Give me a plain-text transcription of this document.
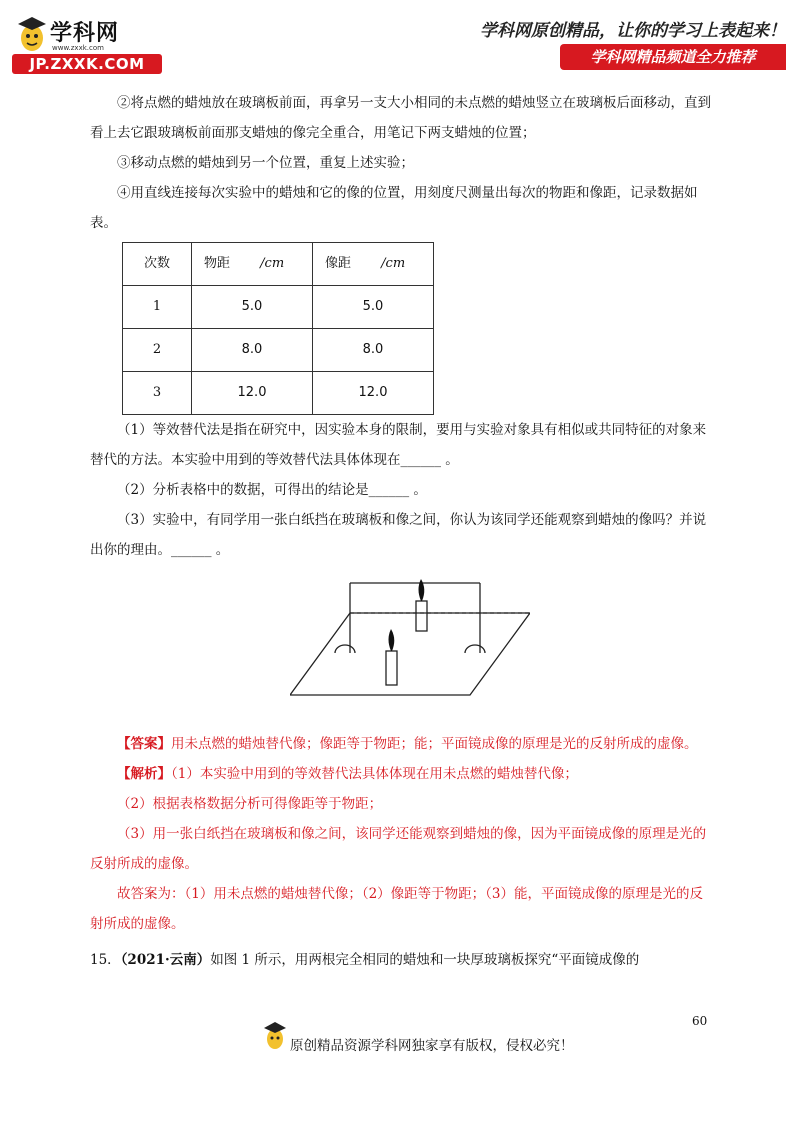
学科网
www.zxxk.com
JP.ZXXK.COM
学科网原创精品，让你的学习上表起来！
学科网精品频道全力推荐

②将点燃的蜡烛放在玻璃板前面，再拿另一支大小相同的未点燃的蜡烛竖立在玻璃板后面移动，直到看上去它跟玻璃板前面那支蜡烛的像完全重合，用笔记下两支蜡烛的位置；

③移动点燃的蜡烛到另一个位置，重复上述实验；

④用直线连接每次实验中的蜡烛和它的像的位置，用刻度尺测量出每次的物距和像距，记录数据如表。

次数	物距 /cm	像距 /cm
1	5.0	5.0
2	8.0	8.0
3	12.0	12.0

（1）等效替代法是指在研究中，因实验本身的限制，要用与实验对象具有相似或共同特征的对象来替代的方法。本实验中用到的等效替代法具体体现在______ 。

（2）分析表格中的数据，可得出的结论是______ 。

（3）实验中，有同学用一张白纸挡在玻璃板和像之间，你认为该同学还能观察到蜡烛的像吗？并说出你的理由。______ 。

【答案】用未点燃的蜡烛替代像；像距等于物距；能；平面镜成像的原理是光的反射所成的虚像。

【解析】（1）本实验中用到的等效替代法具体体现在用未点燃的蜡烛替代像；

（2）根据表格数据分析可得像距等于物距；

（3）用一张白纸挡在玻璃板和像之间，该同学还能观察到蜡烛的像，因为平面镜成像的原理是光的反射所成的虚像。

故答案为：（1）用未点燃的蜡烛替代像；（2）像距等于物距；（3）能，平面镜成像的原理是光的反射所成的虚像。

15．（2021·云南）如图 1 所示，用两根完全相同的蜡烛和一块厚玻璃板探究“平面镜成像的

60
原创精品资源学科网独家享有版权，侵权必究！
